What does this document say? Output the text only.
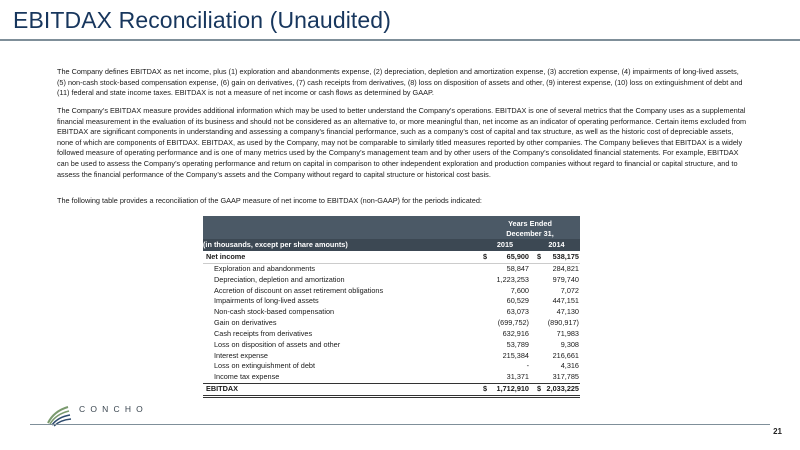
EBITDAX Reconciliation (Unaudited)

The Company defines EBITDAX as net income, plus (1) exploration and abandonments expense, (2) depreciation, depletion and amortization expense, (3) accretion expense, (4) impairments of long-lived assets, (5) non-cash stock-based compensation expense, (6) gain on derivatives, (7) cash receipts from derivatives, (8) loss on disposition of assets and other, (9) interest expense, (10) loss on extinguishment of debt and (11) federal and state income taxes. EBITDAX is not a measure of net income or cash flows as determined by GAAP.

The Company’s EBITDAX measure provides additional information which may be used to better understand the Company’s operations. EBITDAX is one of several metrics that the Company uses as a supplemental financial measurement in the evaluation of its business and should not be considered as an alternative to, or more meaningful than, net income as an indicator of operating performance. Certain items excluded from EBITDAX are significant components in understanding and assessing a company’s financial performance, such as a company’s cost of capital and tax structure, as well as the historic cost of depreciable assets, none of which are components of EBITDAX. EBITDAX, as used by the Company, may not be comparable to similarly titled measures reported by other companies. The Company believes that EBITDAX is a widely followed measure of operating performance and is one of many metrics used by the Company’s management team and by other users of the Company’s consolidated financial statements. For example, EBITDAX can be used to assess the Company’s operating performance and return on capital in comparison to other independent exploration and production companies without regard to financial or capital structure, and to assess the financial performance of the Company’s assets and the Company without regard to capital structure or historical cost basis.

The following table provides a reconciliation of the GAAP measure of net income to EBITDAX (non-GAAP) for the periods indicated:

Years Ended
December 31,
(in thousands, except per share amounts)	2015	2014
Net income	$	65,900 $ 538,175
Exploration and abandonments	58,847	284,821
Depreciation, depletion and amortization	1,223,253	979,740
Accretion of discount on asset retirement obligations	7,600	7,072
Impairments of long-lived assets	60,529	447,151
Non-cash stock-based compensation	63,073	47,130
Gain on derivatives	(699,752)	(890,917)
Cash receipts from derivatives	632,916	71,983
Loss on disposition of assets and other	53,789	9,308
Interest expense	215,384	216,661
Loss on extinguishment of debt	-	4,316
Income tax expense	31,371	317,785
EBITDAX	$ 1,712,910 $ 2,033,225
CONCHO
21
